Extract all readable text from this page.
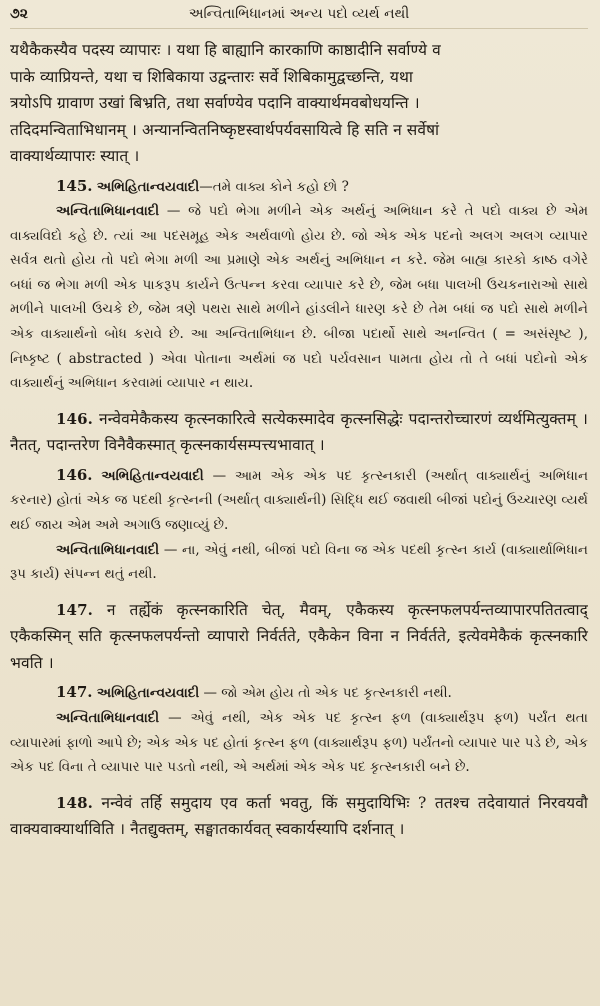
૭૨	અન્વિતાભિધાનમાં અન્ય પદો વ્યર્થ નથી
यथैकैकस्यैव पदस्य व्यापारः । यथा हि बाह्यानि कारकाणि काष्ठादीनि सर्वाण्ये व
पाके व्याप्रियन्ते, यथा च शिबिकाया उद्वन्तारः सर्वे शिबिकामुद्वच्छन्ति, यथा
त्रयोऽपि ग्रावाण उखां बिभ्रति, तथा सर्वाण्येव पदानि वाक्यार्थमवबोधयन्ति ।
तदिदमन्विताभिधानम् । अन्यानन्वितनिष्कृष्टस्वार्थपर्यवसायित्वे हि सति न सर्वेषां
वाक्यार्थव्यापारः स्यात् ।

145. અભિહિતાન્વયવાદી—તમે વાક્ય કોને કહો છો ?

અન્વિતાભિધાનવાદી — જે પદો ભેગા મળીને એક અર્થનું અભિધાન કરે તે પદો વાક્ય છે એમ વાક્યવિદો કહે છે. ત્યાં આ પદસમૂહ એક અર્થવાળો હોય છે. જો એક એક પદનો અલગ અલગ વ્યાપાર સર્વત્ર થતો હોય તો પદો ભેગા મળી આ પ્રમાણે એક અર્થનું અભિધાન ન કરે. જેમ બાહ્ય કારકો કાષ્ઠ વગેરે બધાં જ ભેગા મળી એક પાકરૂપ કાર્યને ઉત્પન્ન કરવા વ્યાપાર કરે છે, જેમ બધા પાલખી ઉચકનારાઓ સાથે મળીને પાલખી ઉચકે છે, જેમ ત્રણે પથરા સાથે મળીને હાંડલીને ધારણ કરે છે તેમ બધાં જ પદો સાથે મળીને એક વાક્યાર્થનો બોધ કરાવે છે. આ અન્વિતાભિધાન છે. બીજા પદાર્થો સાથે અનન્વિત ( = અસંસૃષ્ટ ), નિષ્કૃષ્ટ ( abstracted ) એવા પોતાના અર્થમાં જ પદો પર્યવસાન પામતા હોય તો તે બધાં પદોનો એક વાક્યાર્થનું અભિધાન કરવામાં વ્યાપાર ન થાય.

146. नन्वेवमेकैकस्य कृत्स्नकारित्वे सत्येकस्मादेव कृत्स्नसिद्धेः पदान्तरोच्चारणं व्यर्थमित्युक्तम् । नैतत्, पदान्तरेण विनैवैकस्मात् कृत्स्नकार्यसम्पत्त्यभावात् ।

146. અભિહિતાન્વયવાદી — આમ એક એક પદ કૃત્સ્નકારી (અર્થાત્ વાક્યાર્થનું અભિધાન કરનાર) હોતાં એક જ પદથી કૃત્સ્નની (અર્થાત્ વાક્યાર્થની) સિદ્ધિ થઈ જવાથી બીજાં પદોનું ઉચ્ચારણ વ્યર્થ થઈ જાય એમ અમે અગાઉ જણાવ્યું છે.

અન્વિતાભિધાનવાદી — ના, એવું નથી, બીજાં પદો વિના જ એક પદથી કૃત્સ્ન કાર્ય (વાક્યાર્થાભિધાન રૂપ કાર્ય) સંપન્ન થતું નથી.

147. न तर्ह्येकं कृत्स्नकारिति चेत्, मैवम्, एकैकस्य कृत्स्नफलपर्यन्तव्यापारपतितत्वाद् एकैकस्मिन् सति कृत्स्नफलपर्यन्तो व्यापारो निर्वर्तते, एकैकेन विना न निर्वर्तते, इत्येवमेकैकं कृत्स्नकारि भवति ।

147. અભિહિતાન્વયવાદી — જો એમ હોય તો એક પદ કૃત્સ્નકારી નથી.

અન્વિતાભિધાનવાદી — એવું નથી, એક એક પદ કૃત્સ્ન ફળ (વાક્યાર્થરૂપ ફળ) પર્યંત થતા વ્યાપારમાં ફાળો આપે છે; એક એક પદ હોતાં કૃત્સ્ન ફળ (વાક્યાર્થરૂપ ફળ) પર્યંતનો વ્યાપાર પાર પડે છે, એક એક પદ વિના તે વ્યાપાર પાર પડતો નથી, એ અર્થમાં એક એક પદ કૃત્સ્નકારી બને છે.

148. नन्वेवं तर्हि समुदाय एव कर्ता भवतु, किं समुदायिभिः ? ततश्च तदेवायातं निरवयवौ वाक्यवाक्यार्थाविति । नैतद्युक्तम्, सङ्घातकार्यवत् स्वकार्यस्यापि दर्शनात् ।
